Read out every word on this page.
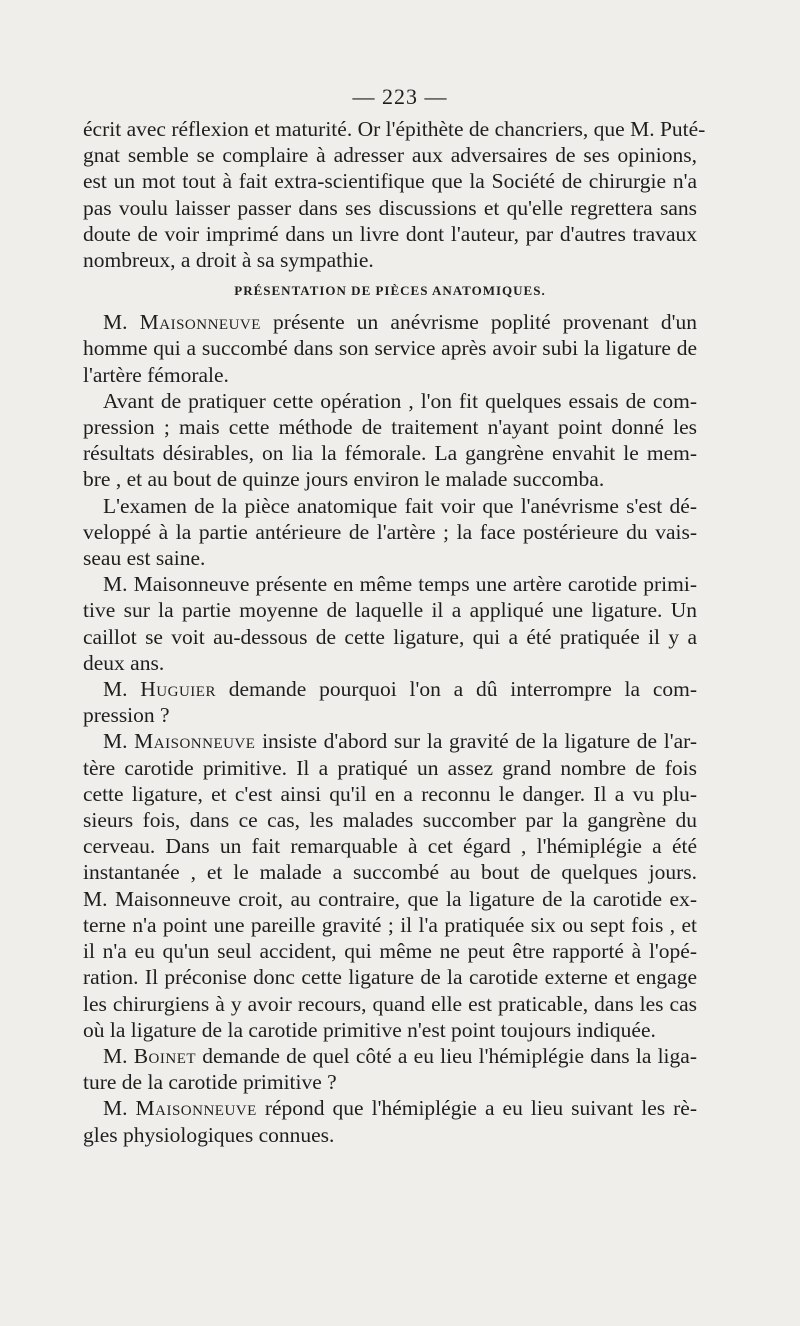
— 223 —
écrit avec réflexion et maturité. Or l'épithète de chancriers, que M. Puté-
gnat semble se complaire à adresser aux adversaires de ses opinions,
est un mot tout à fait extra-scientifique que la Société de chirurgie n'a
pas voulu laisser passer dans ses discussions et qu'elle regrettera sans
doute de voir imprimé dans un livre dont l'auteur, par d'autres travaux
nombreux, a droit à sa sympathie.
PRÉSENTATION DE PIÈCES ANATOMIQUES.
M. Maisonneuve présente un anévrisme poplité provenant d'un
homme qui a succombé dans son service après avoir subi la ligature de
l'artère fémorale.
Avant de pratiquer cette opération , l'on fit quelques essais de com-
pression ; mais cette méthode de traitement n'ayant point donné les
résultats désirables, on lia la fémorale. La gangrène envahit le mem-
bre , et au bout de quinze jours environ le malade succomba.
L'examen de la pièce anatomique fait voir que l'anévrisme s'est dé-
veloppé à la partie antérieure de l'artère ; la face postérieure du vais-
seau est saine.
M. Maisonneuve présente en même temps une artère carotide primi-
tive sur la partie moyenne de laquelle il a appliqué une ligature. Un
caillot se voit au-dessous de cette ligature, qui a été pratiquée il y a
deux ans.
M. Huguier demande pourquoi l'on a dû interrompre la com-
pression ?
M. Maisonneuve insiste d'abord sur la gravité de la ligature de l'ar-
tère carotide primitive. Il a pratiqué un assez grand nombre de fois
cette ligature, et c'est ainsi qu'il en a reconnu le danger. Il a vu plu-
sieurs fois, dans ce cas, les malades succomber par la gangrène du
cerveau. Dans un fait remarquable à cet égard , l'hémiplégie a été
instantanée , et le malade a succombé au bout de quelques jours.
M. Maisonneuve croit, au contraire, que la ligature de la carotide ex-
terne n'a point une pareille gravité ; il l'a pratiquée six ou sept fois , et
il n'a eu qu'un seul accident, qui même ne peut être rapporté à l'opé-
ration. Il préconise donc cette ligature de la carotide externe et engage
les chirurgiens à y avoir recours, quand elle est praticable, dans les cas
où la ligature de la carotide primitive n'est point toujours indiquée.
M. Boinet demande de quel côté a eu lieu l'hémiplégie dans la liga-
ture de la carotide primitive ?
M. Maisonneuve répond que l'hémiplégie a eu lieu suivant les rè-
gles physiologiques connues.
